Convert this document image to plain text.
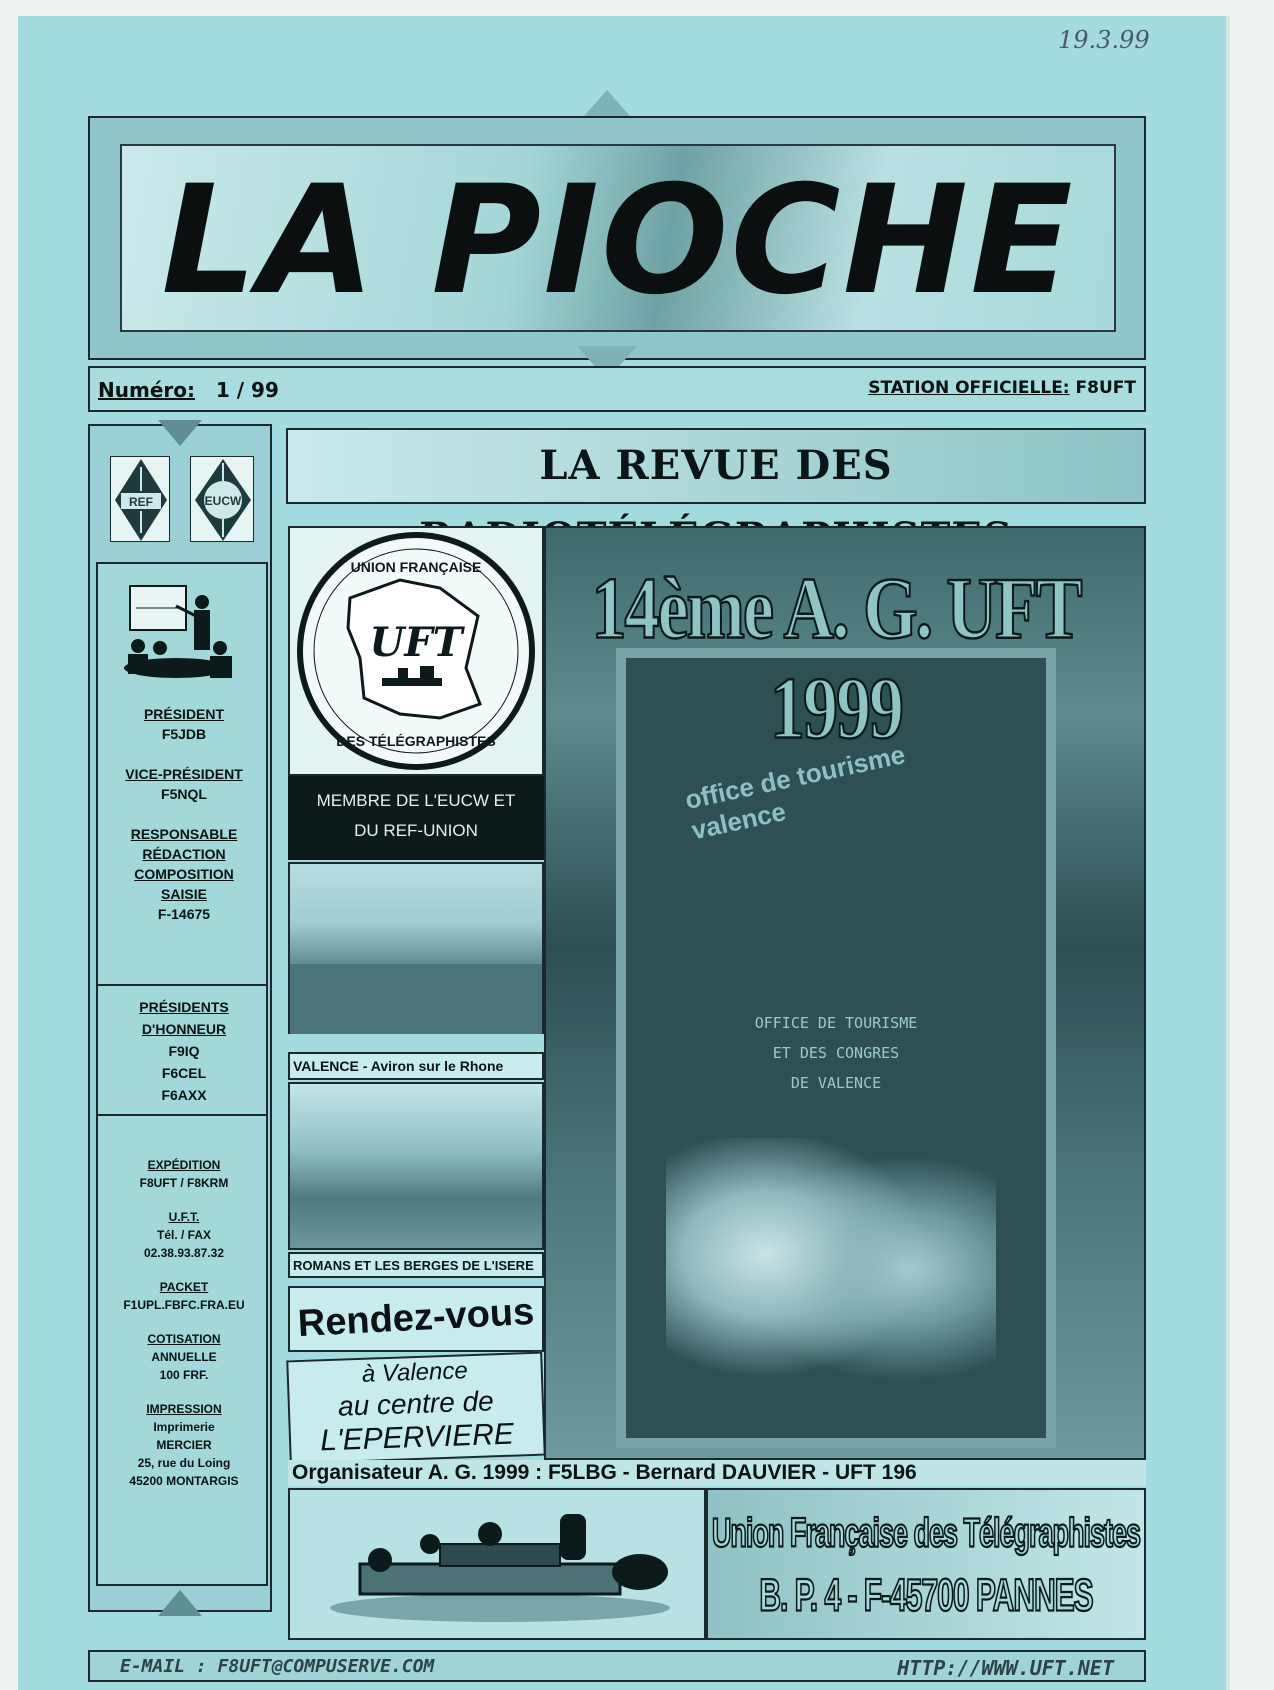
19.3.99
LA PIOCHE
Numéro: 1 / 99	STATION OFFICIELLE: F8UFT
REF	EUCW
PRÉSIDENT
F5JDB
VICE-PRÉSIDENT
F5NQL
RESPONSABLE
RÉDACTION
COMPOSITION
SAISIE
F-14675
PRÉSIDENTS
D'HONNEUR
F9IQ
F6CEL
F6AXX
EXPÉDITION
F8UFT / F8KRM
U.F.T.
Tél. / FAX
02.38.93.87.32
PACKET
F1UPL.FBFC.FRA.EU
COTISATION
ANNUELLE
100 FRF.
IMPRESSION
Imprimerie
MERCIER
25, rue du Loing
45200 MONTARGIS
LA REVUE DES
UFT
UNION FRANÇAISE
DES TÉLÉGRAPHISTES
MEMBRE DE L'EUCW ET
DU REF-UNION
VALENCE - Aviron sur le Rhone
ROMANS ET LES BERGES DE L'ISERE
Rendez-vous
à Valence
au centre de
L'EPERVIERE
office de tourisme valence
OFFICE DE TOURISME
ET DES CONGRES
DE VALENCE
14ème A. G. UFT 1999
Organisateur A. G. 1999 : F5LBG - Bernard DAUVIER - UFT 196
Union Française des Télégraphistes
B. P. 4 - F-45700 PANNES
E-MAIL : F8UFT@COMPUSERVE.COM	HTTP://WWW.UFT.NET
